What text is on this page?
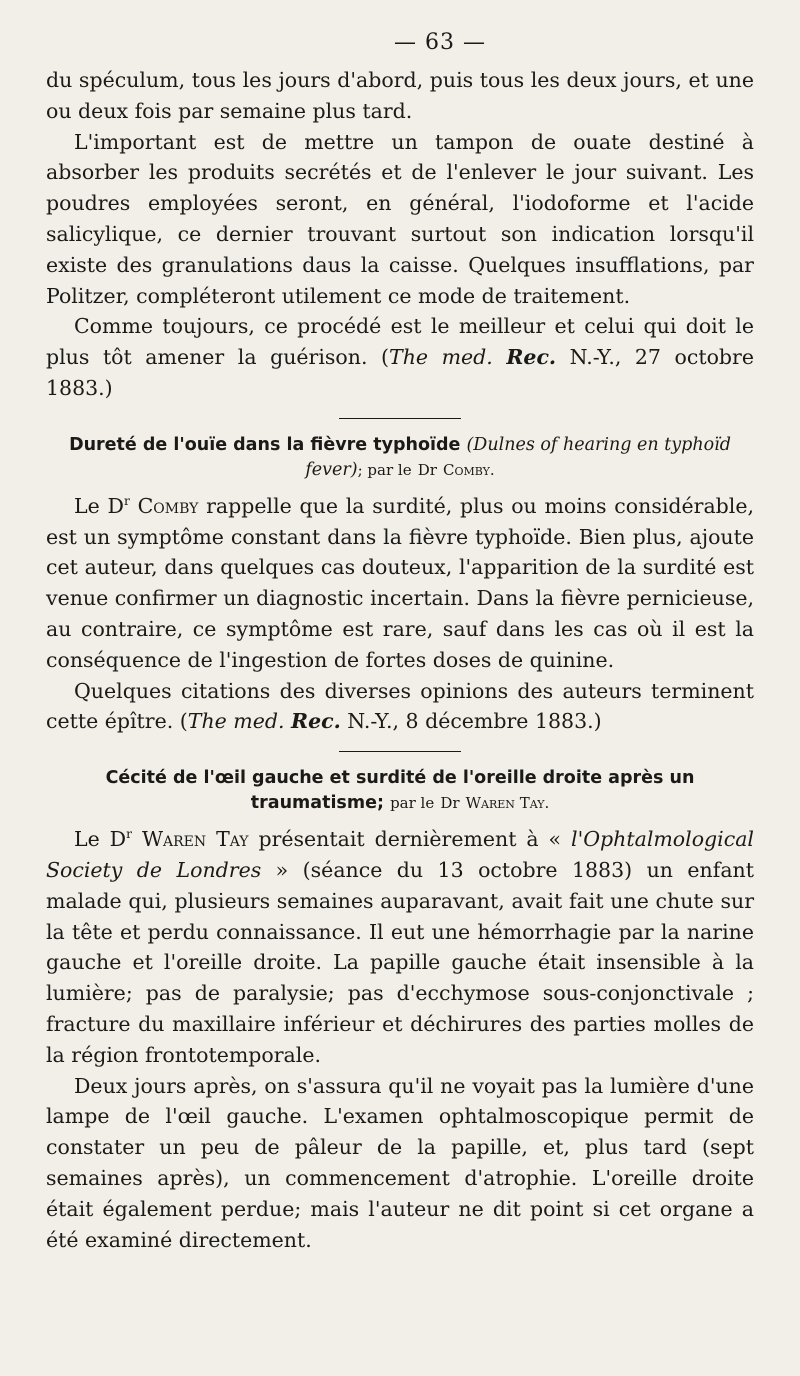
— 63 —

du spéculum, tous les jours d'abord, puis tous les deux jours, et une ou deux fois par semaine plus tard.

L'important est de mettre un tampon de ouate destiné à absorber les produits secrétés et de l'enlever le jour suivant. Les poudres employées seront, en général, l'iodoforme et l'acide salicylique, ce dernier trouvant surtout son indication lorsqu'il existe des granulations daus la caisse. Quelques insufflations, par Politzer, compléteront utilement ce mode de traitement.

Comme toujours, ce procédé est le meilleur et celui qui doit le plus tôt amener la guérison. (The med. Rec. N.-Y., 27 octobre 1883.)

Dureté de l'ouïe dans la fièvre typhoïde (Dulnes of hearing en typhoïd fever); par le Dr Comby.

Le $D^r$ Comby rappelle que la surdité, plus ou moins considérable, est un symptôme constant dans la fièvre typhoïde. Bien plus, ajoute cet auteur, dans quelques cas douteux, l'apparition de la surdité est venue confirmer un diagnostic incertain. Dans la fièvre pernicieuse, au contraire, ce symptôme est rare, sauf dans les cas où il est la conséquence de l'ingestion de fortes doses de quinine.

Quelques citations des diverses opinions des auteurs terminent cette épître. (The med. Rec. N.-Y., 8 décembre 1883.)

Cécité de l'œil gauche et surdité de l'oreille droite après un traumatisme; par le Dr Waren Tay.

Le $D^r$ Waren Tay présentait dernièrement à « l'Ophtalmological Society de Londres » (séance du 13 octobre 1883) un enfant malade qui, plusieurs semaines auparavant, avait fait une chute sur la tête et perdu connaissance. Il eut une hémorrhagie par la narine gauche et l'oreille droite. La papille gauche était insensible à la lumière; pas de paralysie; pas d'ecchymose sous-conjonctivale ; fracture du maxillaire inférieur et déchirures des parties molles de la région frontotemporale.

Deux jours après, on s'assura qu'il ne voyait pas la lumière d'une lampe de l'œil gauche. L'examen ophtalmoscopique permit de constater un peu de pâleur de la papille, et, plus tard (sept semaines après), un commencement d'atrophie. L'oreille droite était également perdue; mais l'auteur ne dit point si cet organe a été examiné directement.
